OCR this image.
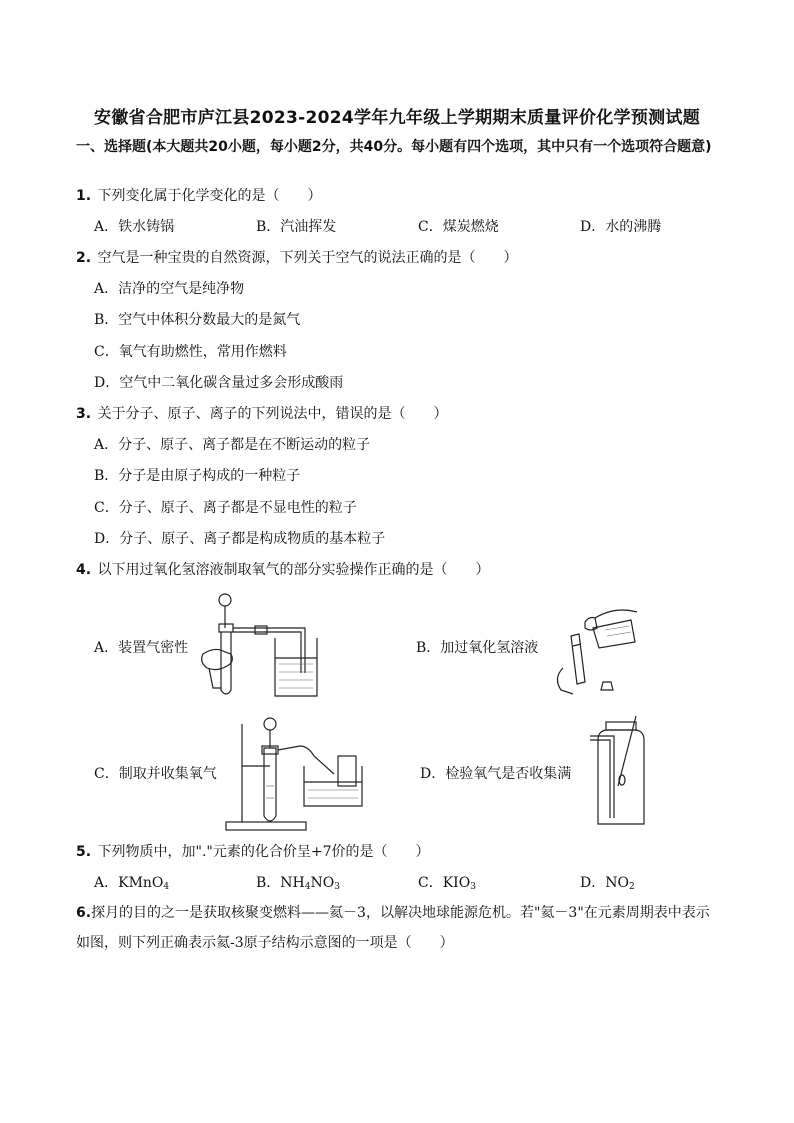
安徽省合肥市庐江县2023-2024学年九年级上学期期末质量评价化学预测试题
一、选择题(本大题共20小题，每小题2分，共40分。每小题有四个选项，其中只有一个选项符合题意)
1. 下列变化属于化学变化的是（　　）
A．铁水铸锅	B．汽油挥发	C．煤炭燃烧	D．水的沸腾
2. 空气是一种宝贵的自然资源，下列关于空气的说法正确的是（　　）
A．洁净的空气是纯净物
B．空气中体积分数最大的是氮气
C．氧气有助燃性，常用作燃料
D．空气中二氧化碳含量过多会形成酸雨
3. 关于分子、原子、离子的下列说法中，错误的是（　　）
A．分子、原子、离子都是在不断运动的粒子
B．分子是由原子构成的一种粒子
C．分子、原子、离子都是不显电性的粒子
D．分子、原子、离子都是构成物质的基本粒子
4. 以下用过氧化氢溶液制取氧气的部分实验操作正确的是（　　）
A．装置气密性	B．加过氧化氢溶液
C．制取并收集氧气	D．检验氧气是否收集满
5. 下列物质中，加"."元素的化合价呈+7价的是（　　）
A．KMnO$_4$	B．$NH_4NO_3$	C．$KIO_3$	D．$NO_2$
6.探月的目的之一是获取核聚变燃料——氦－3，以解决地球能源危机。若"氦－3"在元素周期表中表示
如图，则下列正确表示氦-3原子结构示意图的一项是（　　）
